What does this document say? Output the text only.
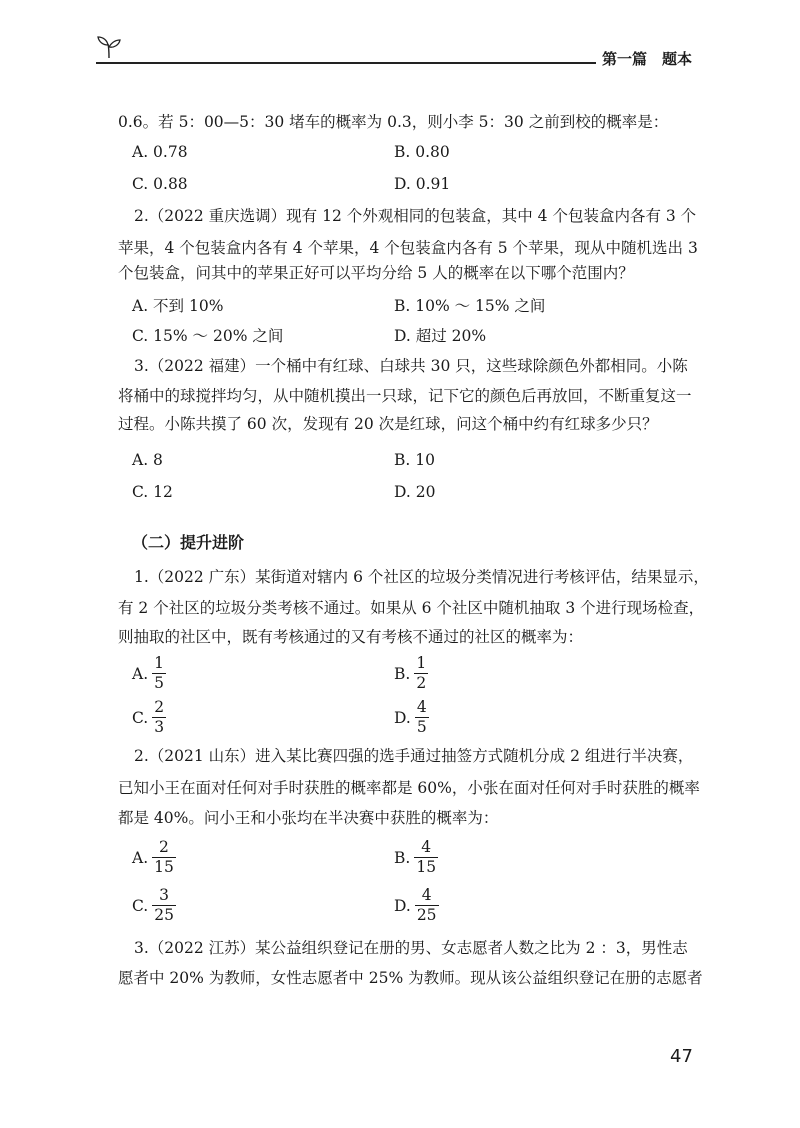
第一篇　题本
0.6。若 5：00—5：30 堵车的概率为 0.3，则小李 5：30 之前到校的概率是：
A. 0.78	B. 0.80
C. 0.88	D. 0.91
2.（2022 重庆选调）现有 12 个外观相同的包装盒，其中 4 个包装盒内各有 3 个
苹果，4 个包装盒内各有 4 个苹果，4 个包装盒内各有 5 个苹果，现从中随机选出 3
个包装盒，问其中的苹果正好可以平均分给 5 人的概率在以下哪个范围内？
A. 不到 10%	B. 10% ～ 15% 之间
C. 15% ～ 20% 之间	D. 超过 20%
3.（2022 福建）一个桶中有红球、白球共 30 只，这些球除颜色外都相同。小陈
将桶中的球搅拌均匀，从中随机摸出一只球，记下它的颜色后再放回，不断重复这一
过程。小陈共摸了 60 次，发现有 20 次是红球，问这个桶中约有红球多少只？
A. 8	B. 10
C. 12	D. 20
（二）提升进阶
1.（2022 广东）某街道对辖内 6 个社区的垃圾分类情况进行考核评估，结果显示，
有 2 个社区的垃圾分类考核不通过。如果从 6 个社区中随机抽取 3 个进行现场检查，
则抽取的社区中，既有考核通过的又有考核不通过的社区的概率为：
A. $\frac{1}{5}$	B. $\frac{1}{2}$
C. $\frac{2}{3}$	D. $\frac{4}{5}$
2.（2021 山东）进入某比赛四强的选手通过抽签方式随机分成 2 组进行半决赛，
已知小王在面对任何对手时获胜的概率都是 60%，小张在面对任何对手时获胜的概率
都是 40%。问小王和小张均在半决赛中获胜的概率为：
A. $\frac{2}{15}$	B. $\frac{4}{15}$
C. $\frac{3}{25}$	D. $\frac{4}{25}$
3.（2022 江苏）某公益组织登记在册的男、女志愿者人数之比为 2 ：3，男性志
愿者中 20% 为教师，女性志愿者中 25% 为教师。现从该公益组织登记在册的志愿者
47
